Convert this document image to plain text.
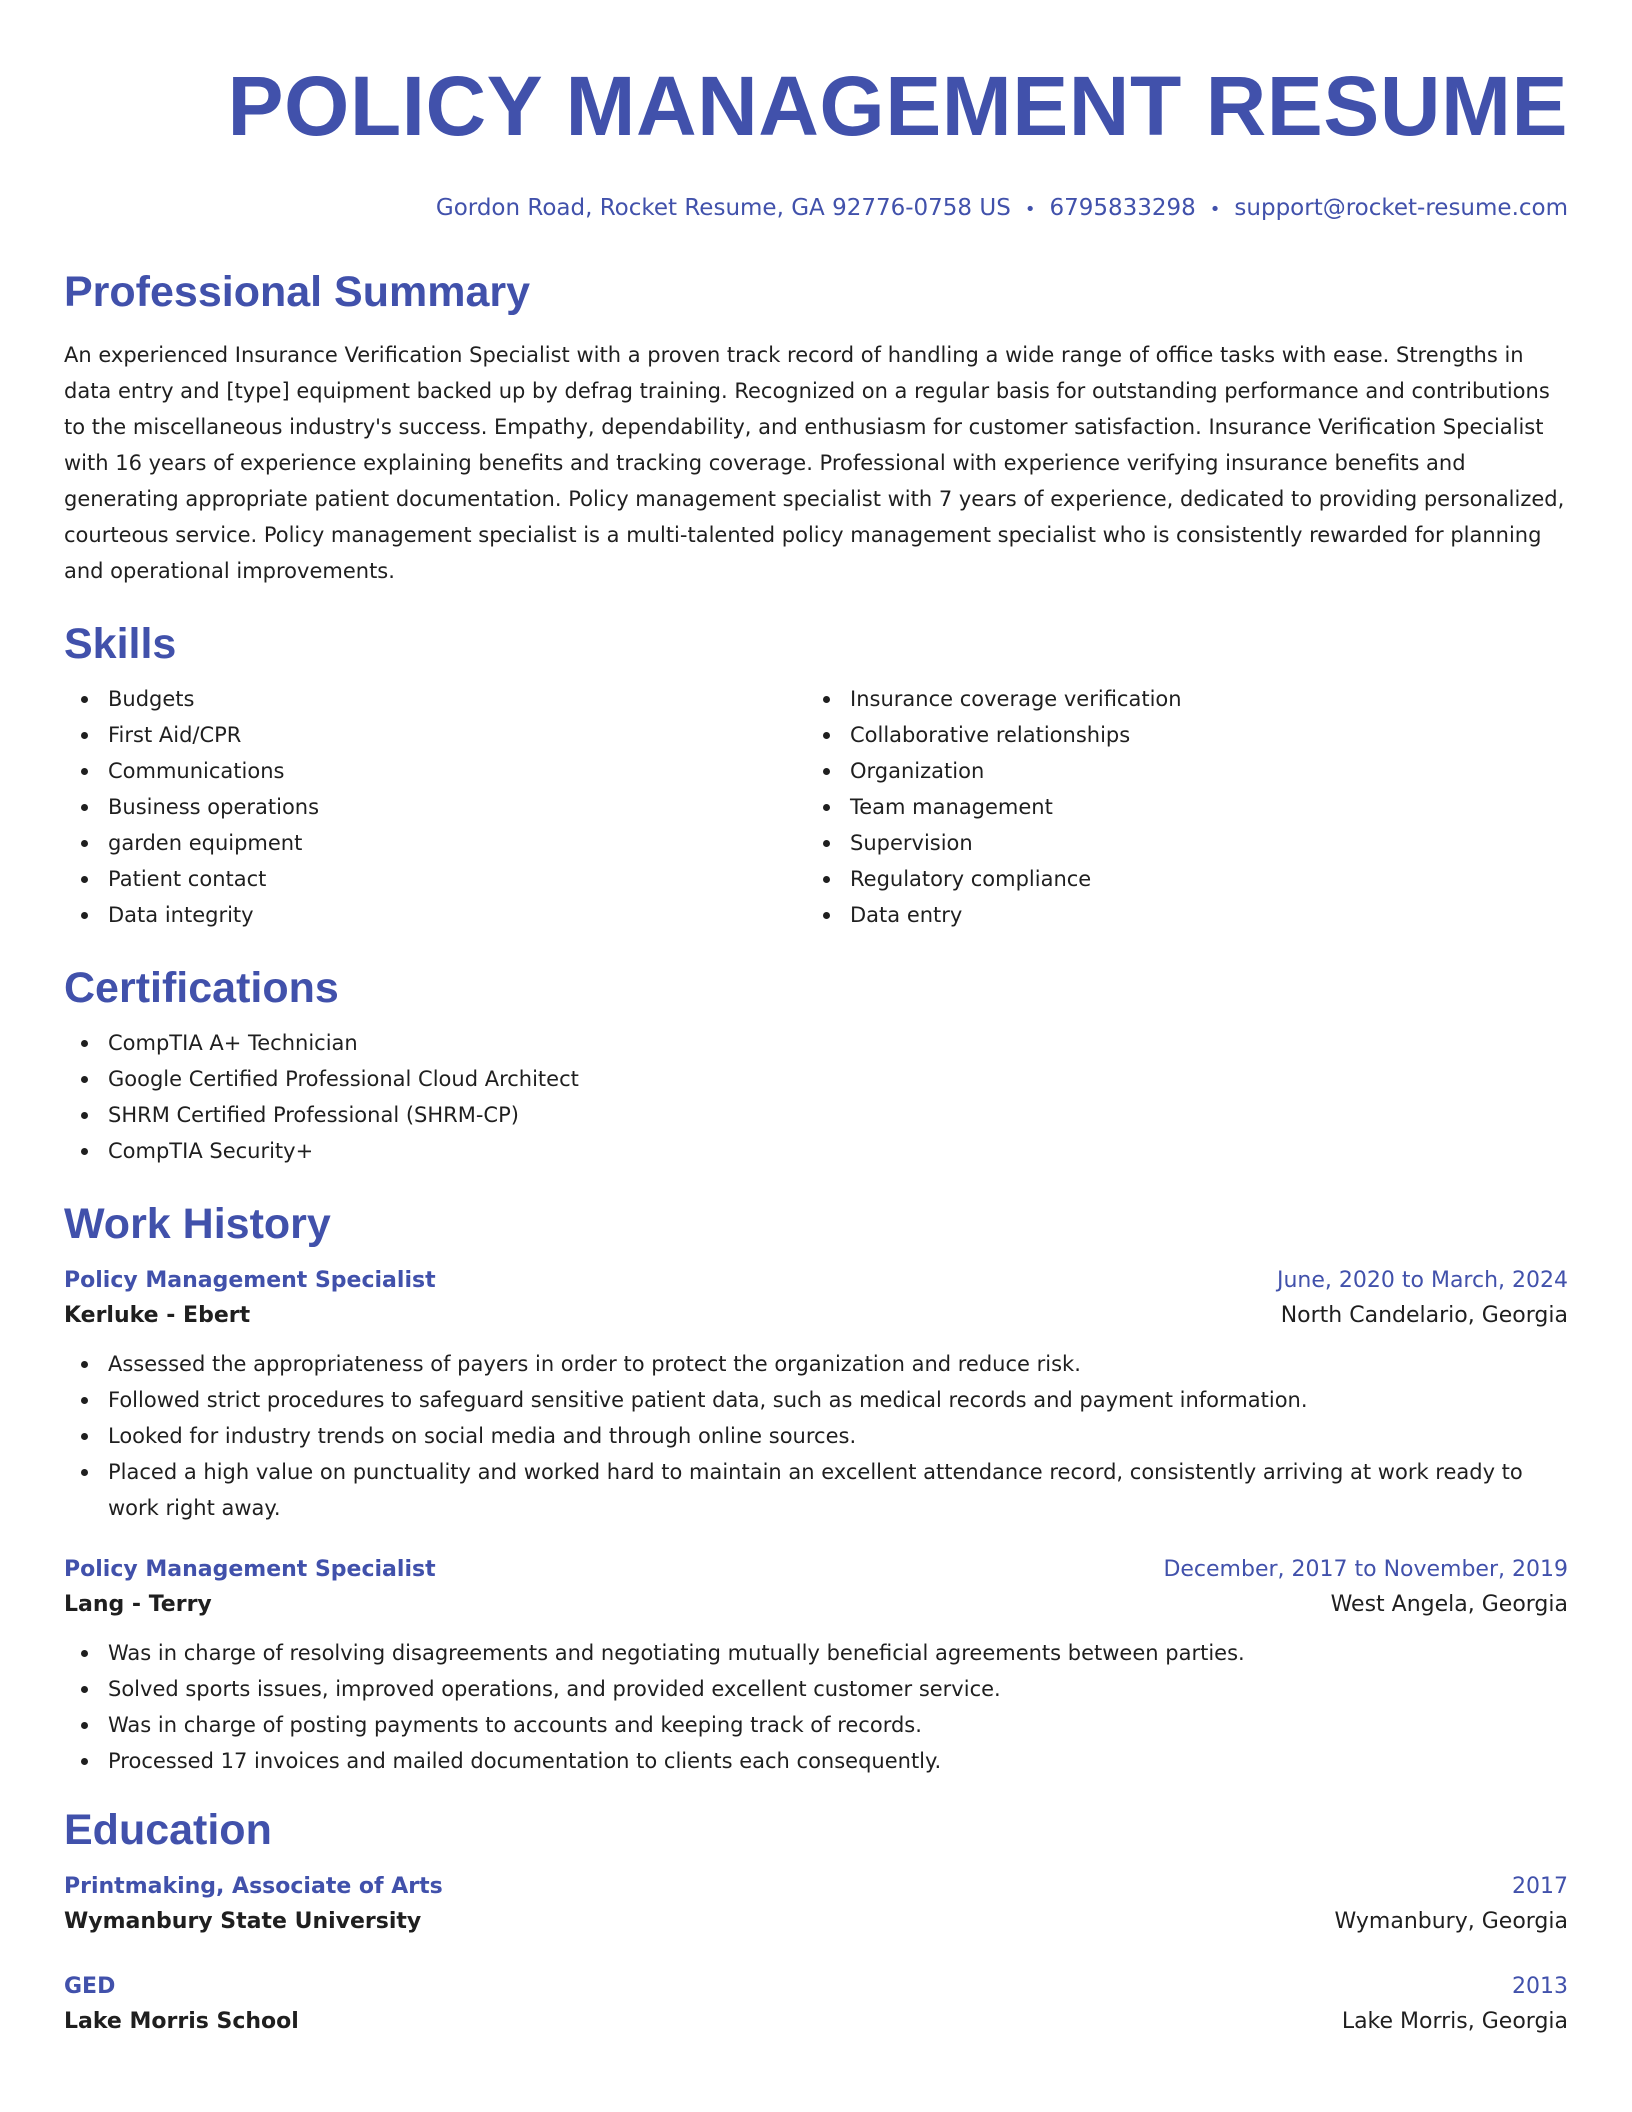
POLICY MANAGEMENT RESUME
Gordon Road, Rocket Resume, GA 92776-0758 US • 6795833298 • support@rocket-resume.com
Professional Summary

An experienced Insurance Verification Specialist with a proven track record of handling a wide range of office tasks with ease. Strengths in data entry and [type] equipment backed up by defrag training. Recognized on a regular basis for outstanding performance and contributions to the miscellaneous industry's success. Empathy, dependability, and enthusiasm for customer satisfaction. Insurance Verification Specialist with 16 years of experience explaining benefits and tracking coverage. Professional with experience verifying insurance benefits and generating appropriate patient documentation. Policy management specialist with 7 years of experience, dedicated to providing personalized, courteous service. Policy management specialist is a multi-talented policy management specialist who is consistently rewarded for planning and operational improvements.

Skills
Budgets
First Aid/CPR
Communications
Business operations
garden equipment
Patient contact
Data integrity
Insurance coverage verification
Collaborative relationships
Organization
Team management
Supervision
Regulatory compliance
Data entry
Certifications
CompTIA A+ Technician
Google Certified Professional Cloud Architect
SHRM Certified Professional (SHRM-CP)
CompTIA Security+
Work History
Policy Management Specialist	June, 2020 to March, 2024
Kerluke - Ebert	North Candelario, Georgia
Assessed the appropriateness of payers in order to protect the organization and reduce risk.
Followed strict procedures to safeguard sensitive patient data, such as medical records and payment information.
Looked for industry trends on social media and through online sources.
Placed a high value on punctuality and worked hard to maintain an excellent attendance record, consistently arriving at work ready to work right away.
Policy Management Specialist	December, 2017 to November, 2019
Lang - Terry	West Angela, Georgia
Was in charge of resolving disagreements and negotiating mutually beneficial agreements between parties.
Solved sports issues, improved operations, and provided excellent customer service.
Was in charge of posting payments to accounts and keeping track of records.
Processed 17 invoices and mailed documentation to clients each consequently.
Education
Printmaking, Associate of Arts	2017
Wymanbury State University	Wymanbury, Georgia
GED	2013
Lake Morris School	Lake Morris, Georgia
